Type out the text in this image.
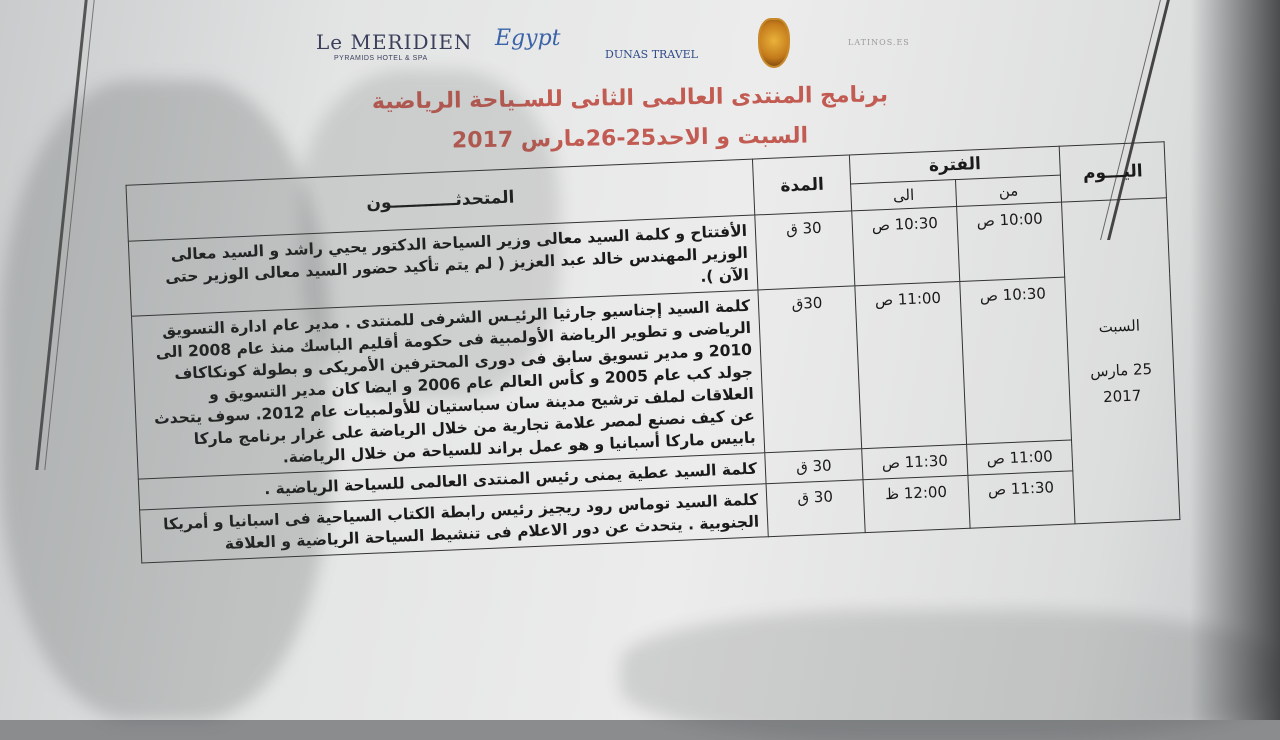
Le MERIDIEN
PYRAMIDS HOTEL & SPA
Egypt
DUNAS TRAVEL
LATINOS.ES
برنامج المنتدى العالمى الثانى للسـياحة الرياضية
السبت و الاحد25-26مارس 2017
اليـــوم	الفترة		المدة	المتحدثـــــــــــون
	من	الى		

السبت
25 مارس
2017	10:00 ص	10:30 ص	30 ق	الأفتتاح و كلمة السيد معالى وزير السياحة الدكتور يحيي راشد و السيد معالى الوزير المهندس خالد عبد العزيز ( لم يتم تأكيد حضور السيد معالى الوزير حتى الآن ).
	10:30 ص	11:00 ص	30ق	كلمة السيد إجناسيو جارثيا الرئيـس الشرفى للمنتدى . مدير عام ادارة التسويق الرياضى و تطوير الرياضة الأولمبية فى حكومة أقليم الباسك منذ عام 2008 الى 2010 و مدير تسويق سابق فى دورى المحترفين الأمريكى و بطولة كونكاكاف جولد كب عام 2005 و كأس العالم عام 2006 و ايضا كان مدير التسويق و العلاقات لملف ترشيح مدينة سان سباستيان للأولمبيات عام 2012. سوف يتحدث عن كيف نصنع لمصر علامة تجارية من خلال الرياضة على غرار برنامج ماركا بابيس ماركا أسبانيا و هو عمل براند للسياحة من خلال الرياضة.
	11:00 ص	11:30 ص	30 ق	كلمة السيد عطية يمنى رئيس المنتدى العالمى للسياحة الرياضية .
	11:30 ص	12:00 ظ	30 ق	كلمة السيد توماس رود ريجيز رئيس رابطة الكتاب السياحية فى اسبانيا و أمريكا الجنوبية . يتحدث عن دور الاعلام فى تنشيط السياحة الرياضية و العلاقة
